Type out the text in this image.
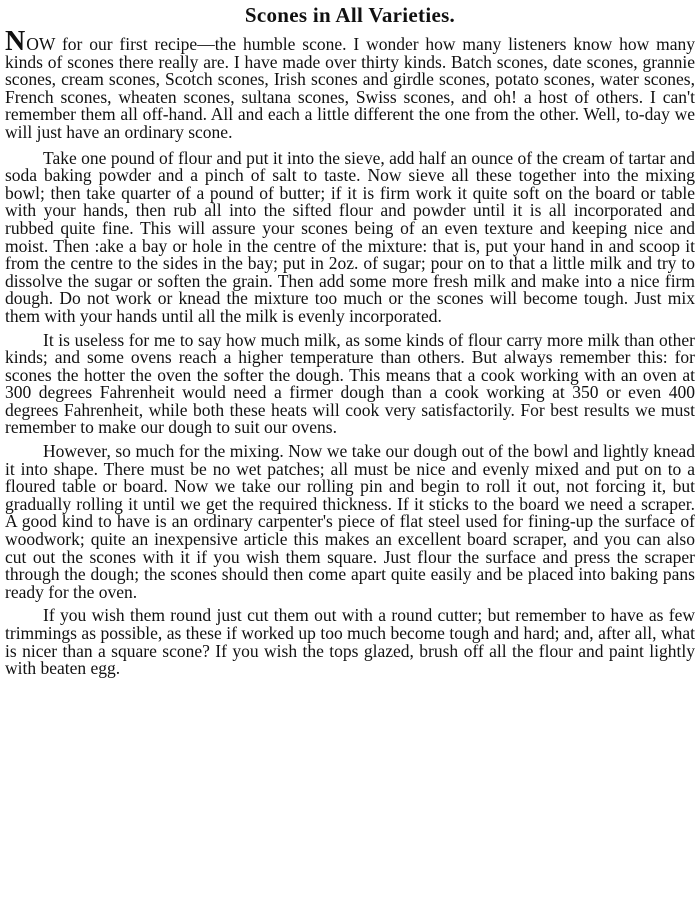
Scones in All Varieties.

NOW for our first recipe—the humble scone. I wonder how many listeners know how many kinds of scones there really are. I have made over thirty kinds. Batch scones, date scones, grannie scones, cream scones, Scotch scones, Irish scones and girdle scones, potato scones, water scones, French scones, wheaten scones, sultana scones, Swiss scones, and oh! a host of others. I can't remember them all off-hand. All and each a little different the one from the other. Well, to-day we will just have an ordinary scone.

Take one pound of flour and put it into the sieve, add half an ounce of the cream of tartar and soda baking powder and a pinch of salt to taste. Now sieve all these together into the mixing bowl; then take quarter of a pound of butter; if it is firm work it quite soft on the board or table with your hands, then rub all into the sifted flour and powder until it is all incorporated and rubbed quite fine. This will assure your scones being of an even texture and keeping nice and moist. Then :ake a bay or hole in the centre of the mixture: that is, put your hand in and scoop it from the centre to the sides in the bay; put in 2oz. of sugar; pour on to that a little milk and try to dissolve the sugar or soften the grain. Then add some more fresh milk and make into a nice firm dough. Do not work or knead the mixture too much or the scones will become tough. Just mix them with your hands until all the milk is evenly incorporated.

It is useless for me to say how much milk, as some kinds of flour carry more milk than other kinds; and some ovens reach a higher temperature than others. But always remember this: for scones the hotter the oven the softer the dough. This means that a cook working with an oven at 300 degrees Fahrenheit would need a firmer dough than a cook working at 350 or even 400 degrees Fahrenheit, while both these heats will cook very satisfactorily. For best results we must remember to make our dough to suit our ovens.

However, so much for the mixing. Now we take our dough out of the bowl and lightly knead it into shape. There must be no wet patches; all must be nice and evenly mixed and put on to a floured table or board. Now we take our rolling pin and begin to roll it out, not forcing it, but gradually rolling it until we get the required thickness. If it sticks to the board we need a scraper. A good kind to have is an ordinary carpenter's piece of flat steel used for fining-up the surface of woodwork; quite an inexpensive article this makes an excellent board scraper, and you can also cut out the scones with it if you wish them square. Just flour the surface and press the scraper through the dough; the scones should then come apart quite easily and be placed into baking pans ready for the oven.

If you wish them round just cut them out with a round cutter; but remember to have as few trimmings as possible, as these if worked up too much become tough and hard; and, after all, what is nicer than a square scone? If you wish the tops glazed, brush off all the flour and paint lightly with beaten egg.
